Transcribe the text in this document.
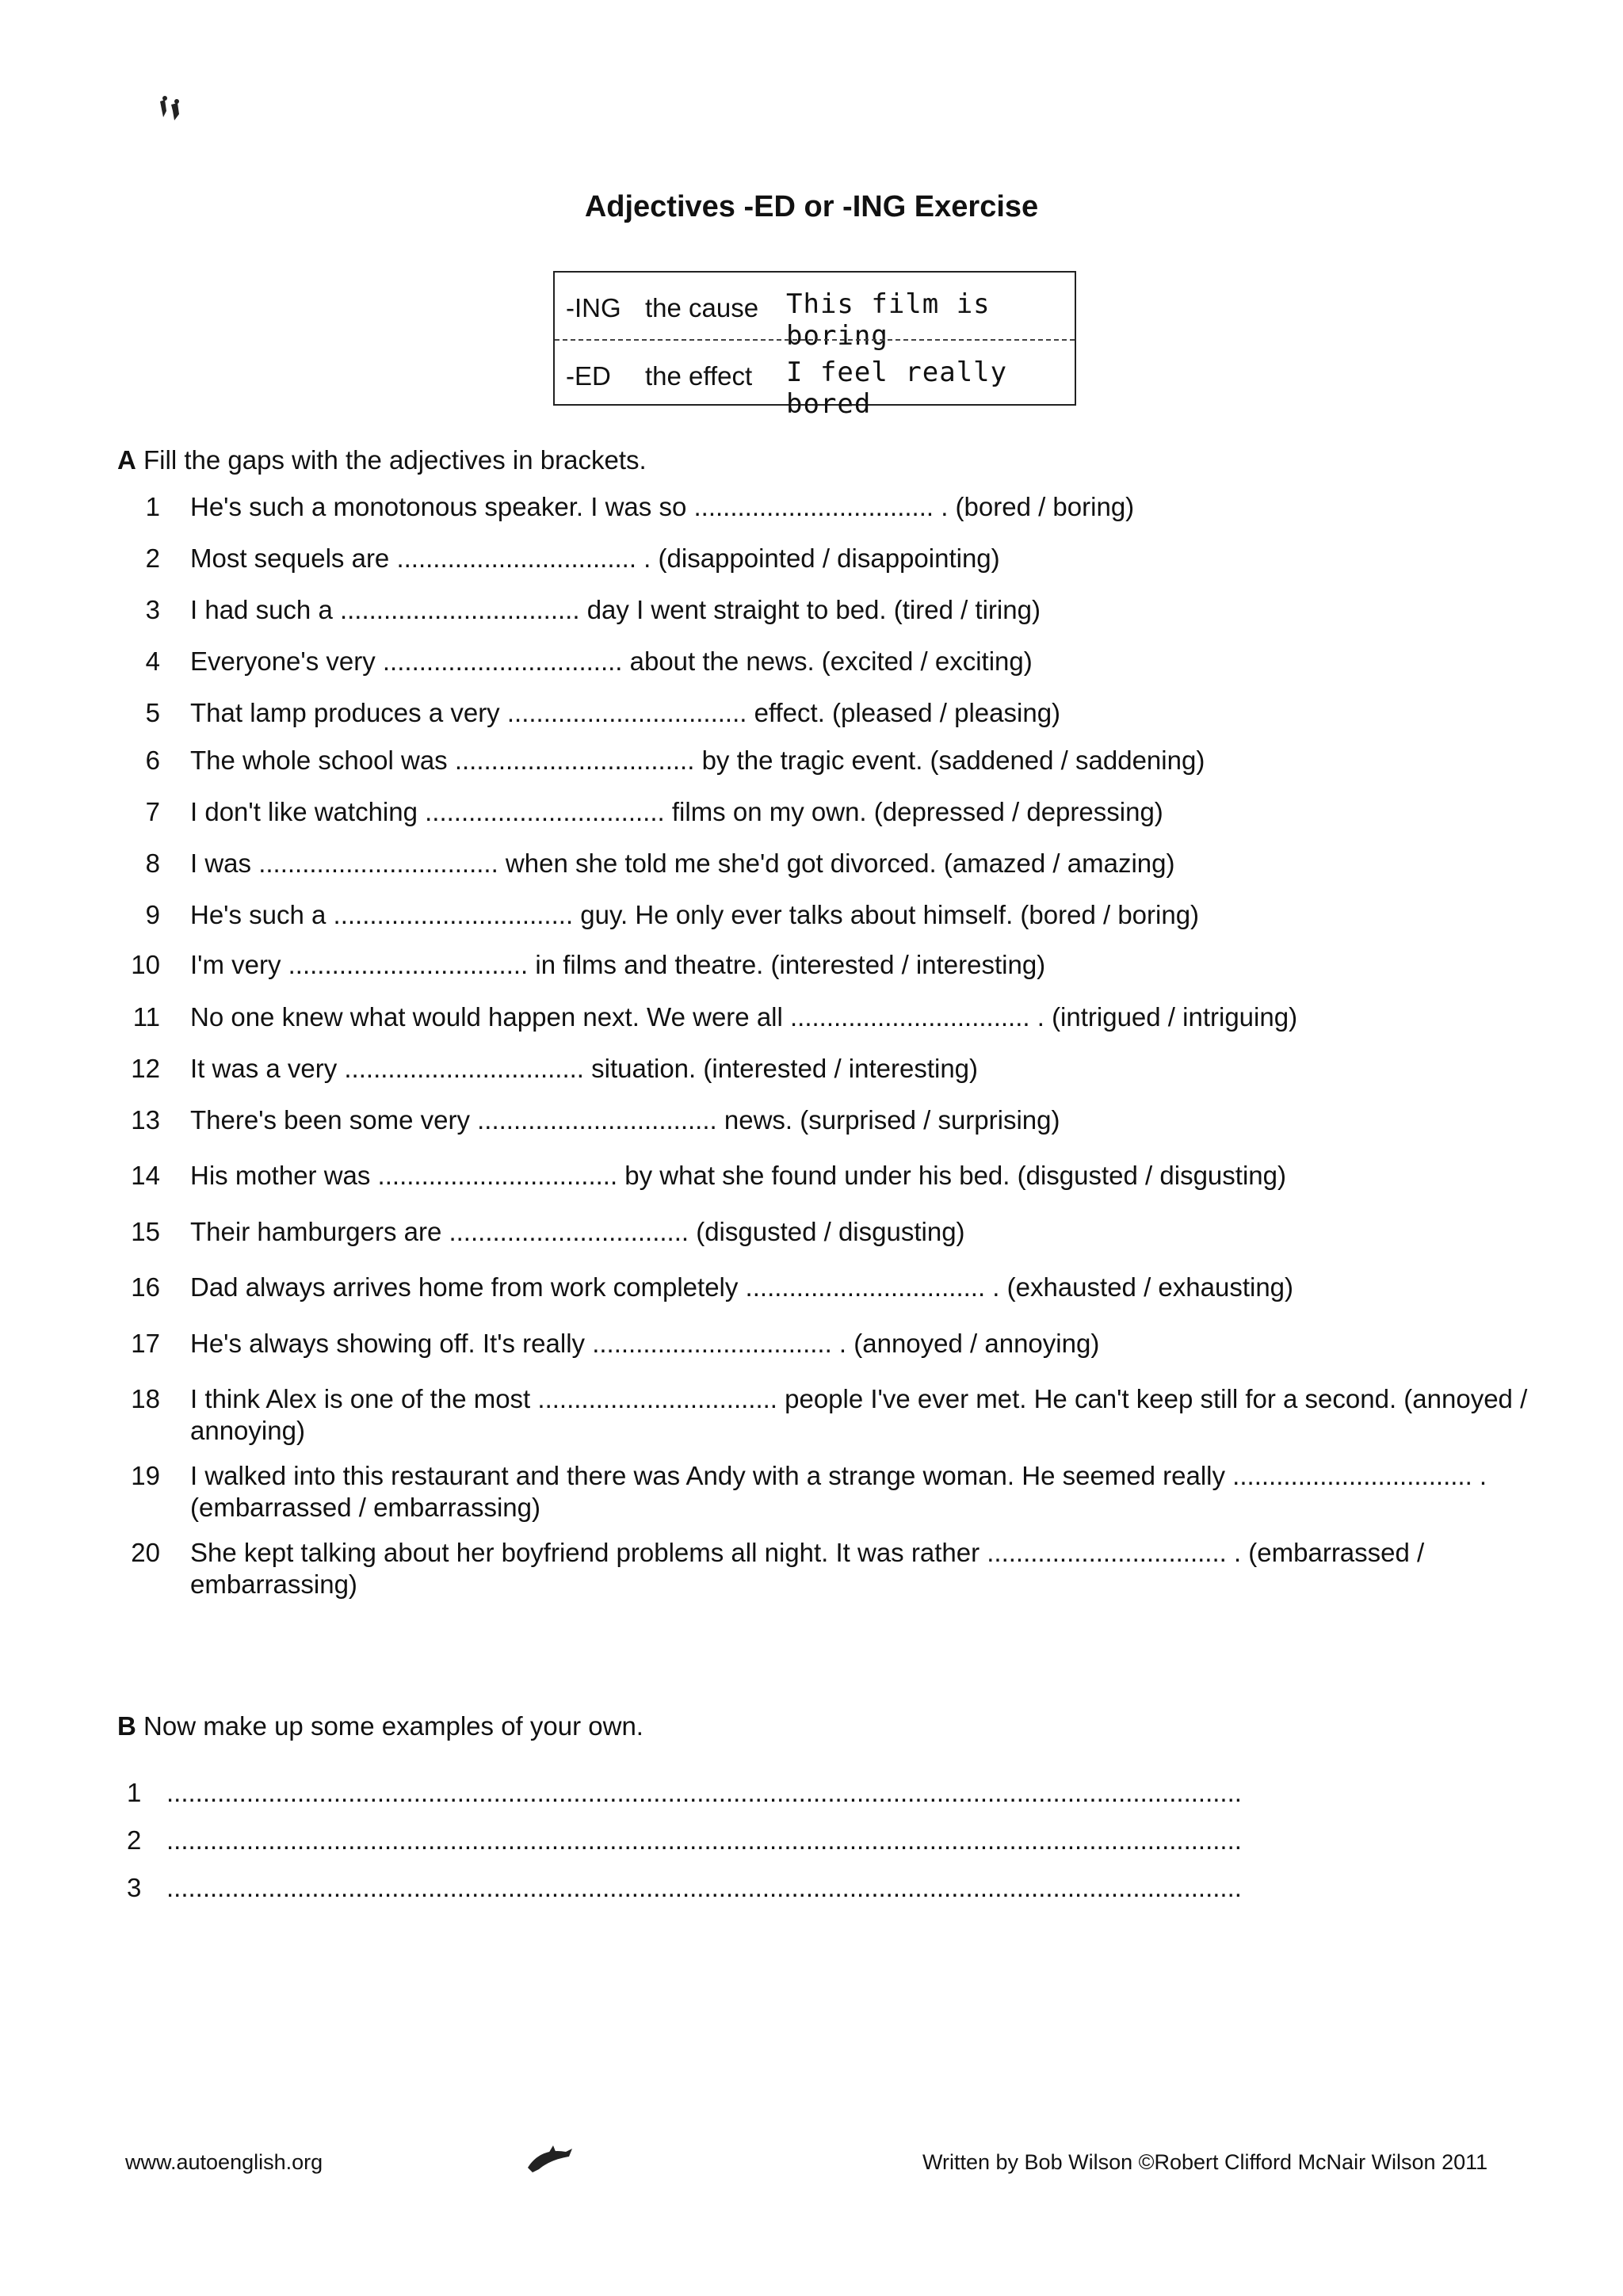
Adjectives -ED or -ING Exercise
-ING the cause This film is boring
-ED the effect I feel really bored
A Fill the gaps with the adjectives in brackets.
1 He's such a monotonous speaker. I was so ................................. . (bored / boring)
2 Most sequels are ................................. . (disappointed / disappointing)
3 I had such a ................................. day I went straight to bed. (tired / tiring)
4 Everyone's very ................................. about the news. (excited / exciting)
5 That lamp produces a very ................................. effect. (pleased / pleasing)
6 The whole school was ................................. by the tragic event. (saddened / saddening)
7 I don't like watching ................................. films on my own. (depressed / depressing)
8 I was ................................. when she told me she'd got divorced. (amazed / amazing)
9 He's such a ................................. guy. He only ever talks about himself. (bored / boring)
10 I'm very ................................. in films and theatre. (interested / interesting)
11 No one knew what would happen next. We were all ................................. . (intrigued / intriguing)
12 It was a very ................................. situation. (interested / interesting)
13 There's been some very ................................. news. (surprised / surprising)
14 His mother was ................................. by what she found under his bed. (disgusted / disgusting)
15 Their hamburgers are ................................. (disgusted / disgusting)
16 Dad always arrives home from work completely ................................. . (exhausted / exhausting)
17 He's always showing off. It's really ................................. . (annoyed / annoying)
18 I think Alex is one of the most ................................. people I've ever met. He can't keep still for a second. (annoyed / annoying)
19 I walked into this restaurant and there was Andy with a strange woman. He seemed really ................................. . (embarrassed / embarrassing)
20 She kept talking about her boyfriend problems all night. It was rather ................................. . (embarrassed / embarrassing)
B Now make up some examples of your own.
1 ....................................................................................................................................................
2 ....................................................................................................................................................
3 ....................................................................................................................................................
www.autoenglish.org	Written by Bob Wilson ©Robert Clifford McNair Wilson 2011
